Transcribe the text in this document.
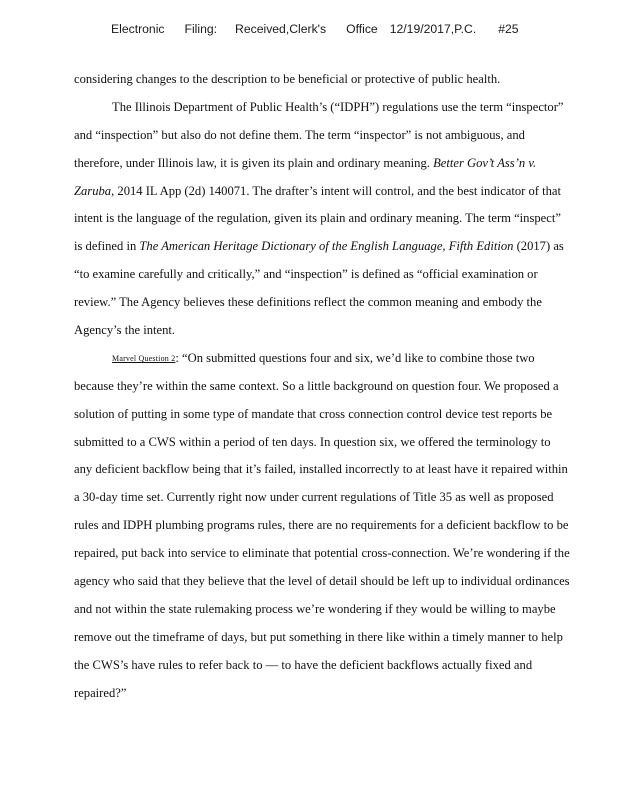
Electronic Filing: Received,Clerk's Office 12/19/2017,P.C. #25
considering changes to the description to be beneficial or protective of public health.
The Illinois Department of Public Health’s (“IDPH”) regulations use the term “inspector”
and “inspection” but also do not define them. The term “inspector” is not ambiguous, and
therefore, under Illinois law, it is given its plain and ordinary meaning. Better Gov’t Ass’n v.
Zaruba, 2014 IL App (2d) 140071. The drafter’s intent will control, and the best indicator of that
intent is the language of the regulation, given its plain and ordinary meaning. The term “inspect”
is defined in The American Heritage Dictionary of the English Language, Fifth Edition (2017) as
“to examine carefully and critically,” and “inspection” is defined as “official examination or
review.” The Agency believes these definitions reflect the common meaning and embody the
Agency’s the intent.
Marvel Question 2: “On submitted questions four and six, we’d like to combine those two
because they’re within the same context. So a little background on question four. We proposed a
solution of putting in some type of mandate that cross connection control device test reports be
submitted to a CWS within a period of ten days. In question six, we offered the terminology to
any deficient backflow being that it’s failed, installed incorrectly to at least have it repaired within
a 30-day time set. Currently right now under current regulations of Title 35 as well as proposed
rules and IDPH plumbing programs rules, there are no requirements for a deficient backflow to be
repaired, put back into service to eliminate that potential cross-connection. We’re wondering if the
agency who said that they believe that the level of detail should be left up to individual ordinances
and not within the state rulemaking process we’re wondering if they would be willing to maybe
remove out the timeframe of days, but put something in there like within a timely manner to help
the CWS’s have rules to refer back to — to have the deficient backflows actually fixed and
repaired?”
